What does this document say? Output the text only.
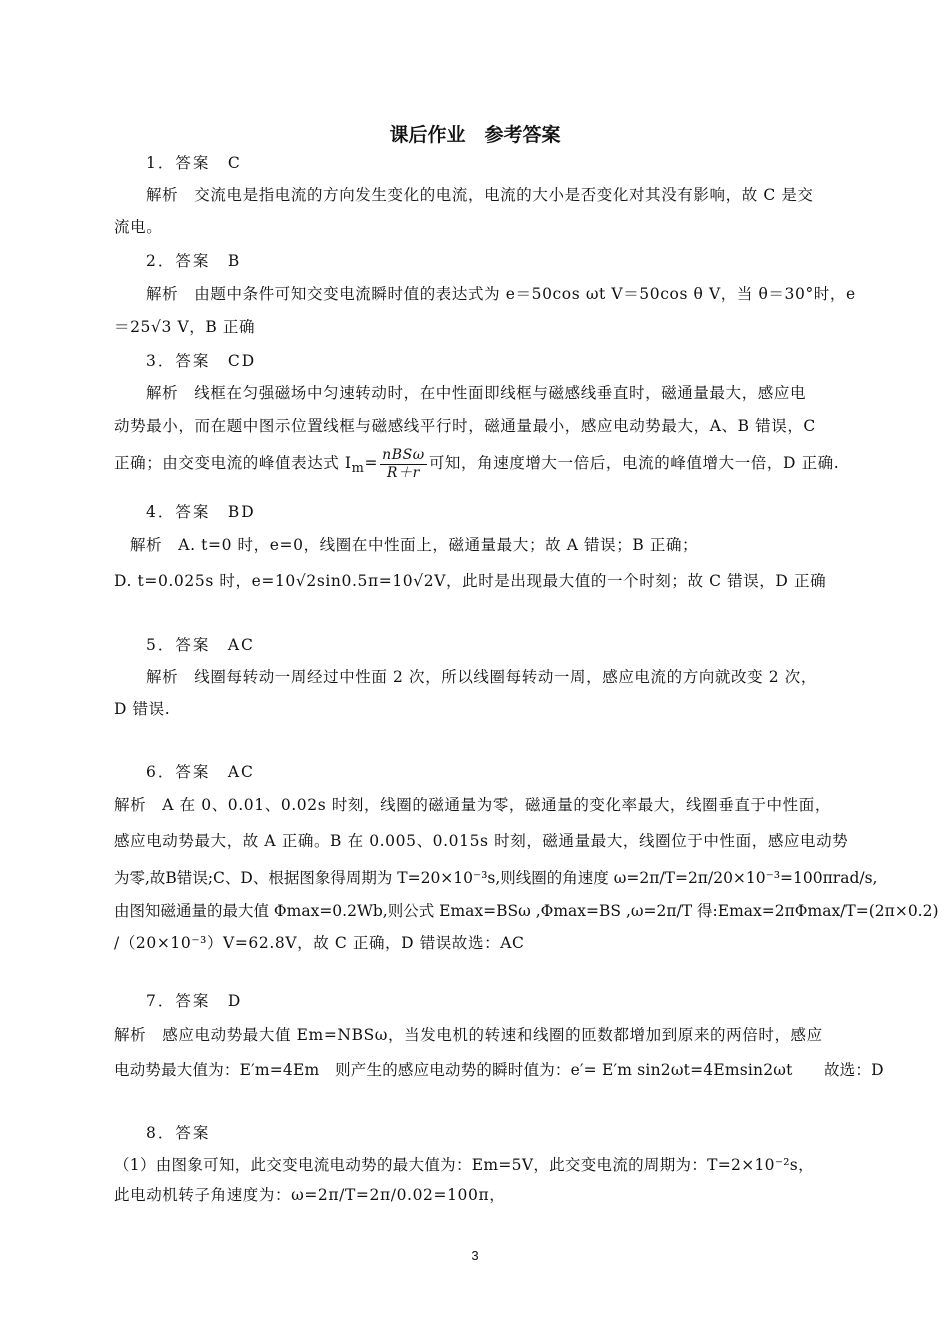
课后作业　参考答案
1．答案　C
解析　交流电是指电流的方向发生变化的电流，电流的大小是否变化对其没有影响，故 C 是交
流电。
2．答案　B
解析　由题中条件可知交变电流瞬时值的表达式为 e＝50cos ωt V＝50cos θ V，当 θ＝30°时，e
＝25√3 V，B 正确
3．答案　CD
解析　线框在匀强磁场中匀速转动时，在中性面即线框与磁感线垂直时，磁通量最大，感应电
动势最小，而在题中图示位置线框与磁感线平行时，磁通量最小，感应电动势最大，A、B 错误，C
正确；由交变电流的峰值表达式 $I_m= \frac{\text{nBSω}}{R+r}$ 可知，角速度增大一倍后，电流的峰值增大一倍，D 正确.
4．答案　BD
解析　A. t=0 时，e=0，线圈在中性面上，磁通量最大；故 A 错误；B 正确；
D. t=0.025s 时，e=10√2sin0.5π=10√2V，此时是出现最大值的一个时刻；故 C 错误，D 正确
5．答案　AC
解析　线圈每转动一周经过中性面 2 次，所以线圈每转动一周，感应电流的方向就改变 2 次，
D 错误.
6．答案　AC
解析　A 在 0、0.01、0.02s 时刻，线圈的磁通量为零，磁通量的变化率最大，线圈垂直于中性面，
感应电动势最大，故 A 正确。B 在 0.005、0.015s 时刻，磁通量最大，线圈位于中性面，感应电动势
为零,故B错误;C、D、根据图象得周期为 T=20×10⁻³s,则线圈的角速度 ω=2π/T=2π/20×10⁻³=100πrad/s,
由图知磁通量的最大值 Φmax=0.2Wb,则公式 Emax=BSω ,Φmax=BS ,ω=2π/T 得:Emax=2πΦmax/T=(2π×0.2)
/（20×10⁻³）V=62.8V，故 C 正确，D 错误故选：AC
7．答案　D
解析　感应电动势最大值 Em=NBSω，当发电机的转速和线圈的匝数都增加到原来的两倍时，感应
电动势最大值为：E′m=4Em　则产生的感应电动势的瞬时值为：e′= E′m sin2ωt=4Emsin2ωt　　故选：D
8．答案
（1）由图象可知，此交变电流电动势的最大值为：Em=5V，此交变电流的周期为：T=2×10⁻²s，
此电动机转子角速度为：ω=2π/T=2π/0.02=100π，
3
